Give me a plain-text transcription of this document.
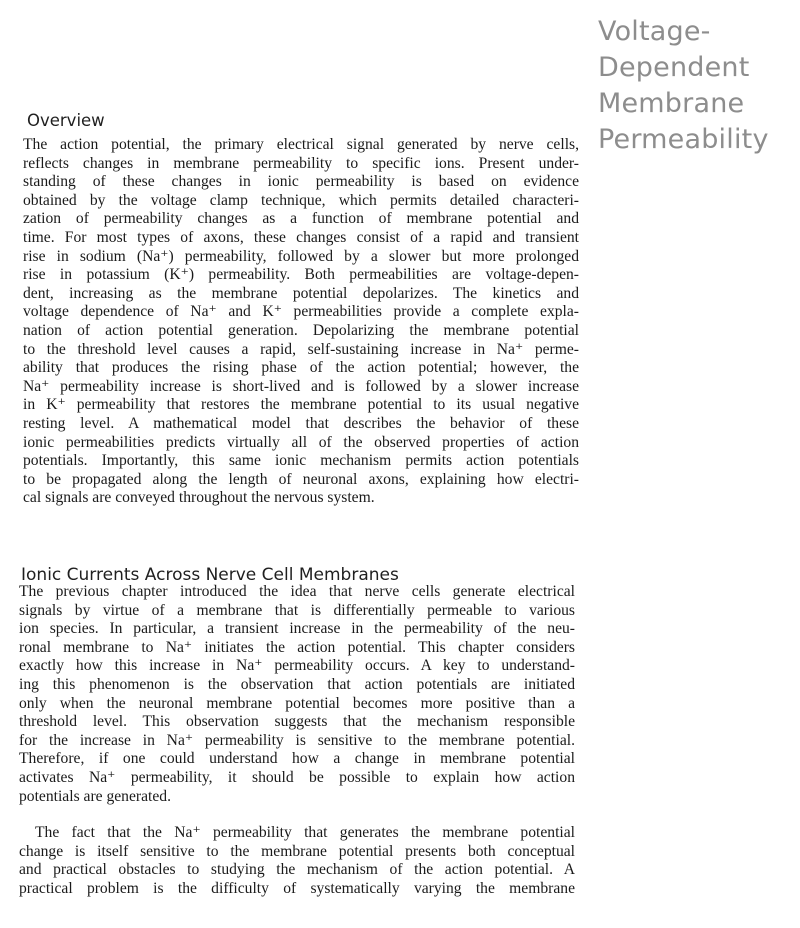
Voltage-
Dependent
Membrane
Permeability
Overview
The action potential, the primary electrical signal generated by nerve cells,
reflects changes in membrane permeability to specific ions. Present under-
standing of these changes in ionic permeability is based on evidence
obtained by the voltage clamp technique, which permits detailed characteri-
zation of permeability changes as a function of membrane potential and
time. For most types of axons, these changes consist of a rapid and transient
rise in sodium (Na⁺) permeability, followed by a slower but more prolonged
rise in potassium (K⁺) permeability. Both permeabilities are voltage-depen-
dent, increasing as the membrane potential depolarizes. The kinetics and
voltage dependence of Na⁺ and K⁺ permeabilities provide a complete expla-
nation of action potential generation. Depolarizing the membrane potential
to the threshold level causes a rapid, self-sustaining increase in Na⁺ perme-
ability that produces the rising phase of the action potential; however, the
Na⁺ permeability increase is short-lived and is followed by a slower increase
in K⁺ permeability that restores the membrane potential to its usual negative
resting level. A mathematical model that describes the behavior of these
ionic permeabilities predicts virtually all of the observed properties of action
potentials. Importantly, this same ionic mechanism permits action potentials
to be propagated along the length of neuronal axons, explaining how electri-
cal signals are conveyed throughout the nervous system.
Ionic Currents Across Nerve Cell Membranes
The previous chapter introduced the idea that nerve cells generate electrical
signals by virtue of a membrane that is differentially permeable to various
ion species. In particular, a transient increase in the permeability of the neu-
ronal membrane to Na⁺ initiates the action potential. This chapter considers
exactly how this increase in Na⁺ permeability occurs. A key to understand-
ing this phenomenon is the observation that action potentials are initiated
only when the neuronal membrane potential becomes more positive than a
threshold level. This observation suggests that the mechanism responsible
for the increase in Na⁺ permeability is sensitive to the membrane potential.
Therefore, if one could understand how a change in membrane potential
activates Na⁺ permeability, it should be possible to explain how action
potentials are generated.
The fact that the Na⁺ permeability that generates the membrane potential
change is itself sensitive to the membrane potential presents both conceptual
and practical obstacles to studying the mechanism of the action potential. A
practical problem is the difficulty of systematically varying the membrane
